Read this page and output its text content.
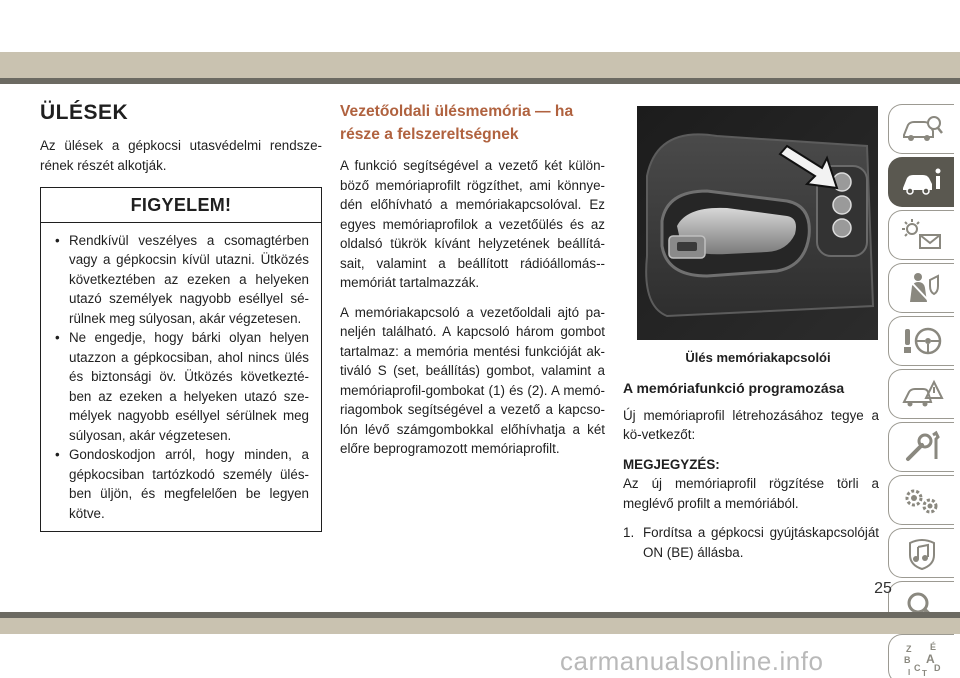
ÜLÉSEK

Az ülések a gépkocsi utasvédelmi rendsze-rének részét alkotják.

FIGYELEM!
• Rendkívül veszélyes a csomagtérben vagy a gépkocsin kívül utazni. Ütközés következtében az ezeken a helyeken utazó személyek nagyobb eséllyel sé-rülnek meg súlyosan, akár végzetesen.
• Ne engedje, hogy bárki olyan helyen utazzon a gépkocsiban, ahol nincs ülés és biztonsági öv. Ütközés következté-ben az ezeken a helyeken utazó sze-mélyek nagyobb eséllyel sérülnek meg súlyosan, akár végzetesen.
• Gondoskodjon arról, hogy minden, a gépkocsiban tartózkodó személy ülés-ben üljön, és megfelelően be legyen kötve.
Vezetőoldali ülésmemória — ha része a felszereltségnek

A funkció segítségével a vezető két külön-böző memóriaprofilt rögzíthet, ami könnye-dén előhívható a memóriakapcsolóval. Ez egyes memóriaprofilok a vezetőülés és az oldalsó tükrök kívánt helyzetének beállítá-sait, valamint a beállított rádióállomás--memóriát tartalmazzák.

A memóriakapcsoló a vezetőoldali ajtó pa-neljén található. A kapcsoló három gombot tartalmaz: a memória mentési funkcióját ak-tiváló S (set, beállítás) gombot, valamint a memóriaprofil-gombokat (1) és (2). A memó-riagombok segítségével a vezető a kapcso-lón lévő számgombokkal előhívhatja a két előre beprogramozott memóriaprofilt.

Ülés memóriakapcsolói
A memóriafunkció programozása

Új memóriaprofil létrehozásához tegye a kö-vetkezőt:

MEGJEGYZÉS:

Az új memóriaprofil rögzítése törli a meglévő profilt a memóriából.

1. Fordítsa a gépkocsi gyújtáskapcsolóját ON (BE) állásba.
Z É
B A
C D
I T
25
carmanualsonline.info
